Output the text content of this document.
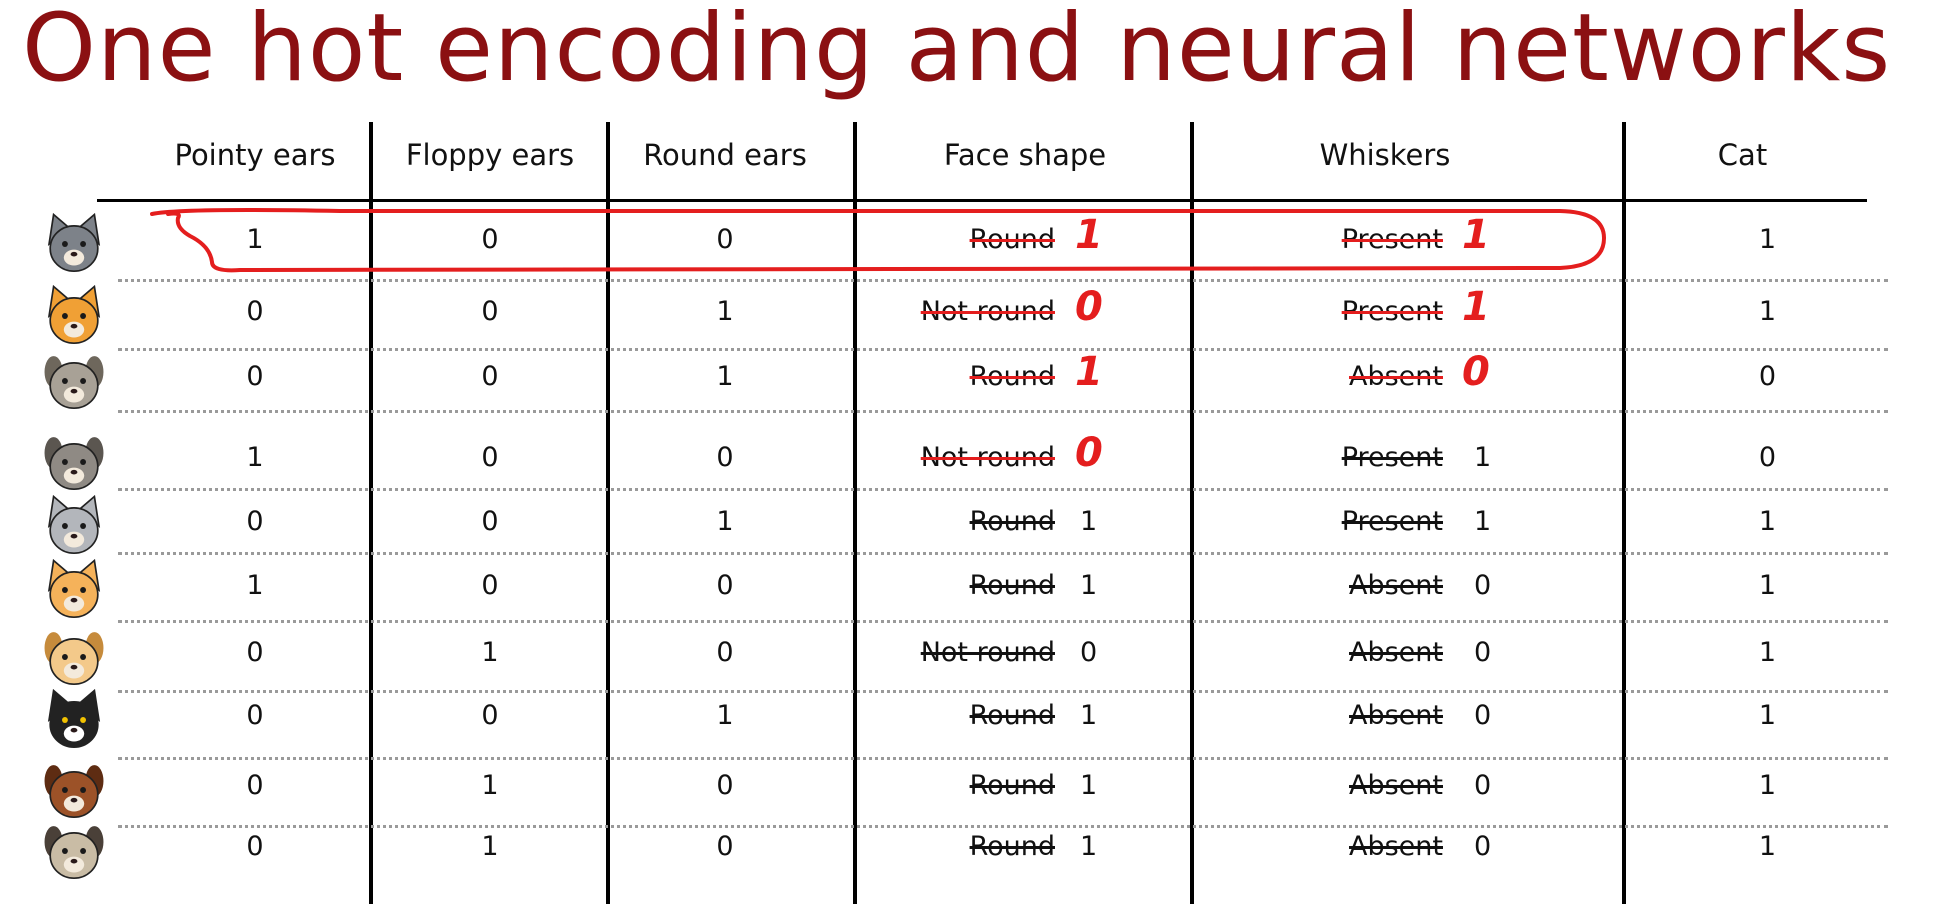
One hot encoding and neural networks
Pointy ears	Floppy ears	Round ears	Face shape	Whiskers	Cat
1	0	0	Round 1	Present 1	1
0	0	1	Not round 0	Present 1	1
0	0	1	Round 1	Absent 0	0
1	0	0	Not round 0	Present 1	0
0	0	1	Round 1	Present 1	1
1	0	0	Round 1	Absent 0	1
0	1	0	Not round 0	Absent 0	1
0	0	1	Round 1	Absent 0	1
0	1	0	Round 1	Absent 0	1
0	1	0	Round 1	Absent 0	1
